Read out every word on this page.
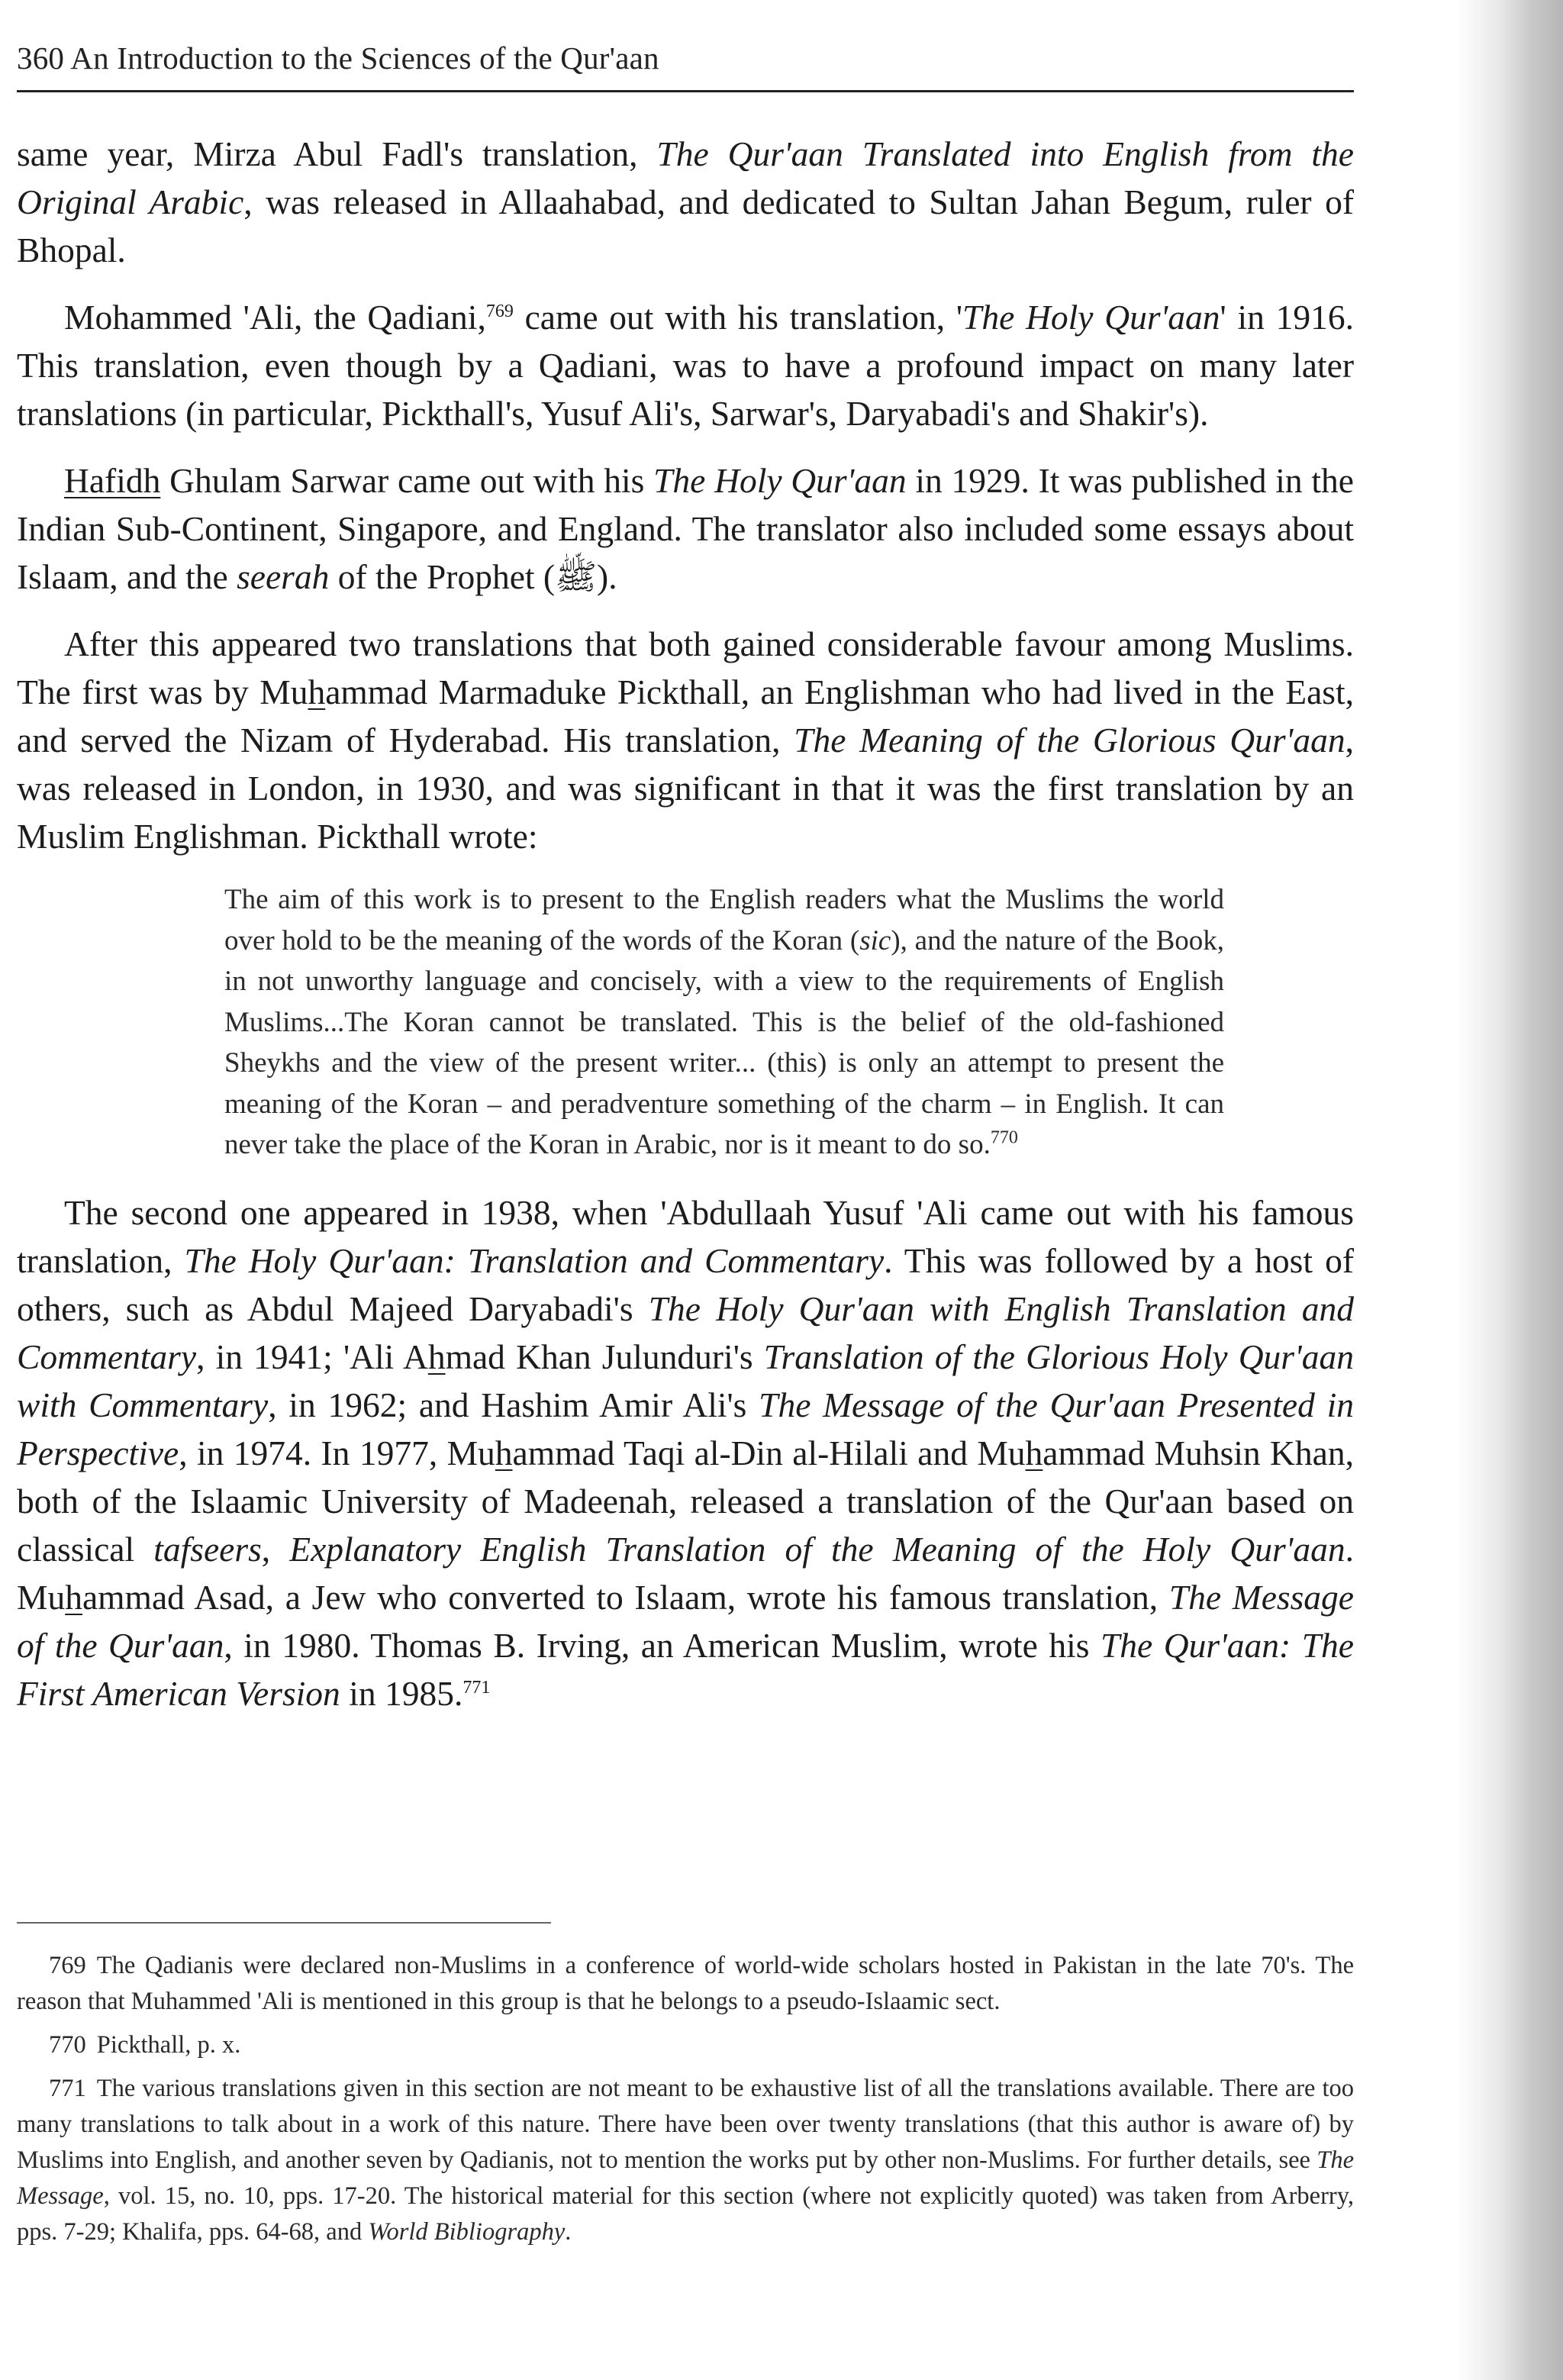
360 An Introduction to the Sciences of the Qur'aan

same year, Mirza Abul Fadl's translation, The Qur'aan Translated into English from the Original Arabic, was released in Allaahabad, and dedicated to Sultan Jahan Begum, ruler of Bhopal.

Mohammed 'Ali, the Qadiani,$^{769}$ came out with his translation, 'The Holy Qur'aan' in 1916. This translation, even though by a Qadiani, was to have a profound impact on many later translations (in particular, Pickthall's, Yusuf Ali's, Sarwar's, Daryabadi's and Shakir's).

Hafidh Ghulam Sarwar came out with his The Holy Qur'aan in 1929. It was published in the Indian Sub-Continent, Singapore, and England. The translator also included some essays about Islaam, and the seerah of the Prophet (ﷺ).

After this appeared two translations that both gained considerable favour among Muslims. The first was by Muhammad Marmaduke Pickthall, an Englishman who had lived in the East, and served the Nizam of Hyderabad. His translation, The Meaning of the Glorious Qur'aan, was released in London, in 1930, and was significant in that it was the first translation by an Muslim Englishman. Pickthall wrote:

The aim of this work is to present to the English readers what the Muslims the world over hold to be the meaning of the words of the Koran (sic), and the nature of the Book, in not unworthy language and concisely, with a view to the requirements of English Muslims...The Koran cannot be translated. This is the belief of the old-fashioned Sheykhs and the view of the present writer... (this) is only an attempt to present the meaning of the Koran – and peradventure something of the charm – in English. It can never take the place of the Koran in Arabic, nor is it meant to do so.$^{770}$

The second one appeared in 1938, when 'Abdullaah Yusuf 'Ali came out with his famous translation, The Holy Qur'aan: Translation and Commentary. This was followed by a host of others, such as Abdul Majeed Daryabadi's The Holy Qur'aan with English Translation and Commentary, in 1941; 'Ali Ahmad Khan Julunduri's Translation of the Glorious Holy Qur'aan with Commentary, in 1962; and Hashim Amir Ali's The Message of the Qur'aan Presented in Perspective, in 1974. In 1977, Muhammad Taqi al-Din al-Hilali and Muhammad Muhsin Khan, both of the Islaamic University of Madeenah, released a translation of the Qur'aan based on classical tafseers, Explanatory English Translation of the Meaning of the Holy Qur'aan. Muhammad Asad, a Jew who converted to Islaam, wrote his famous translation, The Message of the Qur'aan, in 1980. Thomas B. Irving, an American Muslim, wrote his The Qur'aan: The First American Version in 1985.$^{771}$

769 The Qadianis were declared non-Muslims in a conference of world-wide scholars hosted in Pakistan in the late 70's. The reason that Muhammed 'Ali is mentioned in this group is that he belongs to a pseudo-Islaamic sect.

770 Pickthall, p. x.

771 The various translations given in this section are not meant to be exhaustive list of all the translations available. There are too many translations to talk about in a work of this nature. There have been over twenty translations (that this author is aware of) by Muslims into English, and another seven by Qadianis, not to mention the works put by other non-Muslims. For further details, see The Message, vol. 15, no. 10, pps. 17-20. The historical material for this section (where not explicitly quoted) was taken from Arberry, pps. 7-29; Khalifa, pps. 64-68, and World Bibliography.
